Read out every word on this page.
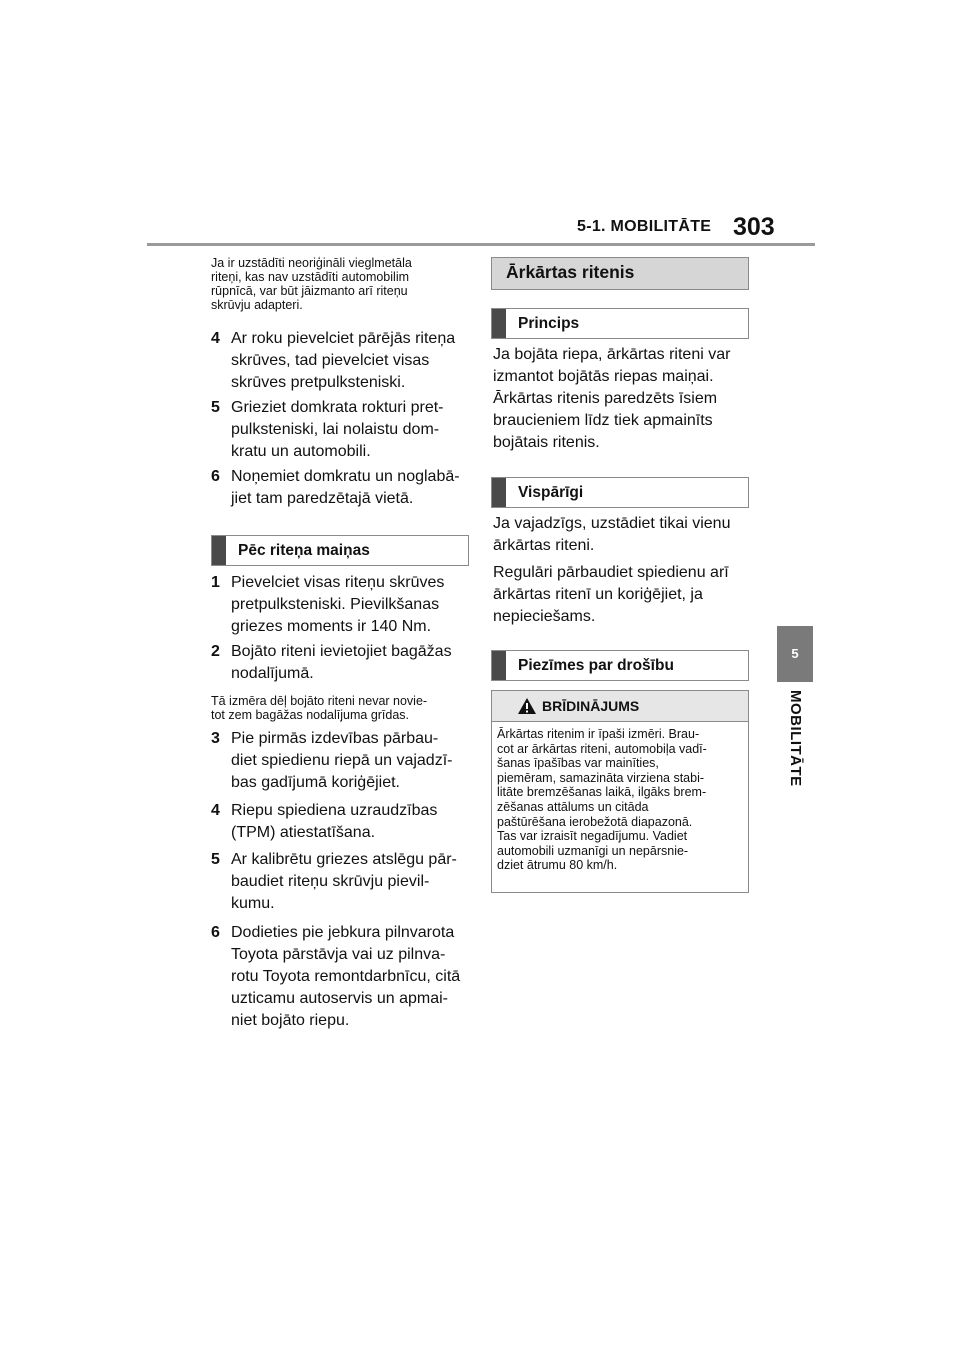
5-1. MOBILITĀTE 303
5
MOBILITĀTE
Ja ir uzstādīti neoriģināli vieglmetāla
riteņi, kas nav uzstādīti automobilim
rūpnīcā, var būt jāizmanto arī riteņu
skrūvju adapteri.
4 Ar roku pievelciet pārējās riteņa
skrūves, tad pievelciet visas
skrūves pretpulksteniski.
5 Grieziet domkrata rokturi pret-
pulksteniski, lai nolaistu dom-
kratu un automobili.
6 Noņemiet domkratu un noglabā-
jiet tam paredzētajā vietā.
Pēc riteņa maiņas
1 Pievelciet visas riteņu skrūves
pretpulksteniski. Pievilkšanas
griezes moments ir 140 Nm.
2 Bojāto riteni ievietojiet bagāžas
nodalījumā.
Tā izmēra dēļ bojāto riteni nevar novie-
tot zem bagāžas nodalījuma grīdas.
3 Pie pirmās izdevības pārbau-
diet spiedienu riepā un vajadzī-
bas gadījumā koriģējiet.
4 Riepu spiediena uzraudzības
(TPM) atiestatīšana.
5 Ar kalibrētu griezes atslēgu pār-
baudiet riteņu skrūvju pievil-
kumu.
6 Dodieties pie jebkura pilnvarota
Toyota pārstāvja vai uz pilnva-
rotu Toyota remontdarbnīcu, citā
uzticamu autoservis un apmai-
niet bojāto riepu.
Ārkārtas ritenis
Princips
Ja bojāta riepa, ārkārtas riteni var
izmantot bojātās riepas maiņai.
Ārkārtas ritenis paredzēts īsiem
braucieniem līdz tiek apmainīts
bojātais ritenis.
Vispārīgi
Ja vajadzīgs, uzstādiet tikai vienu
ārkārtas riteni.
Regulāri pārbaudiet spiedienu arī
ārkārtas ritenī un koriģējiet, ja
nepieciešams.
Piezīmes par drošību
BRĪDINĀJUMS
Ārkārtas ritenim ir īpaši izmēri. Brau-
cot ar ārkārtas riteni, automobiļa vadī-
šanas īpašības var mainīties,
piemēram, samazināta virziena stabi-
litāte bremzēšanas laikā, ilgāks brem-
zēšanas attālums un citāda
paštūrēšana ierobežotā diapazonā.
Tas var izraisīt negadījumu. Vadiet
automobili uzmanīgi un nepārsnie-
dziet ātrumu 80 km/h.
